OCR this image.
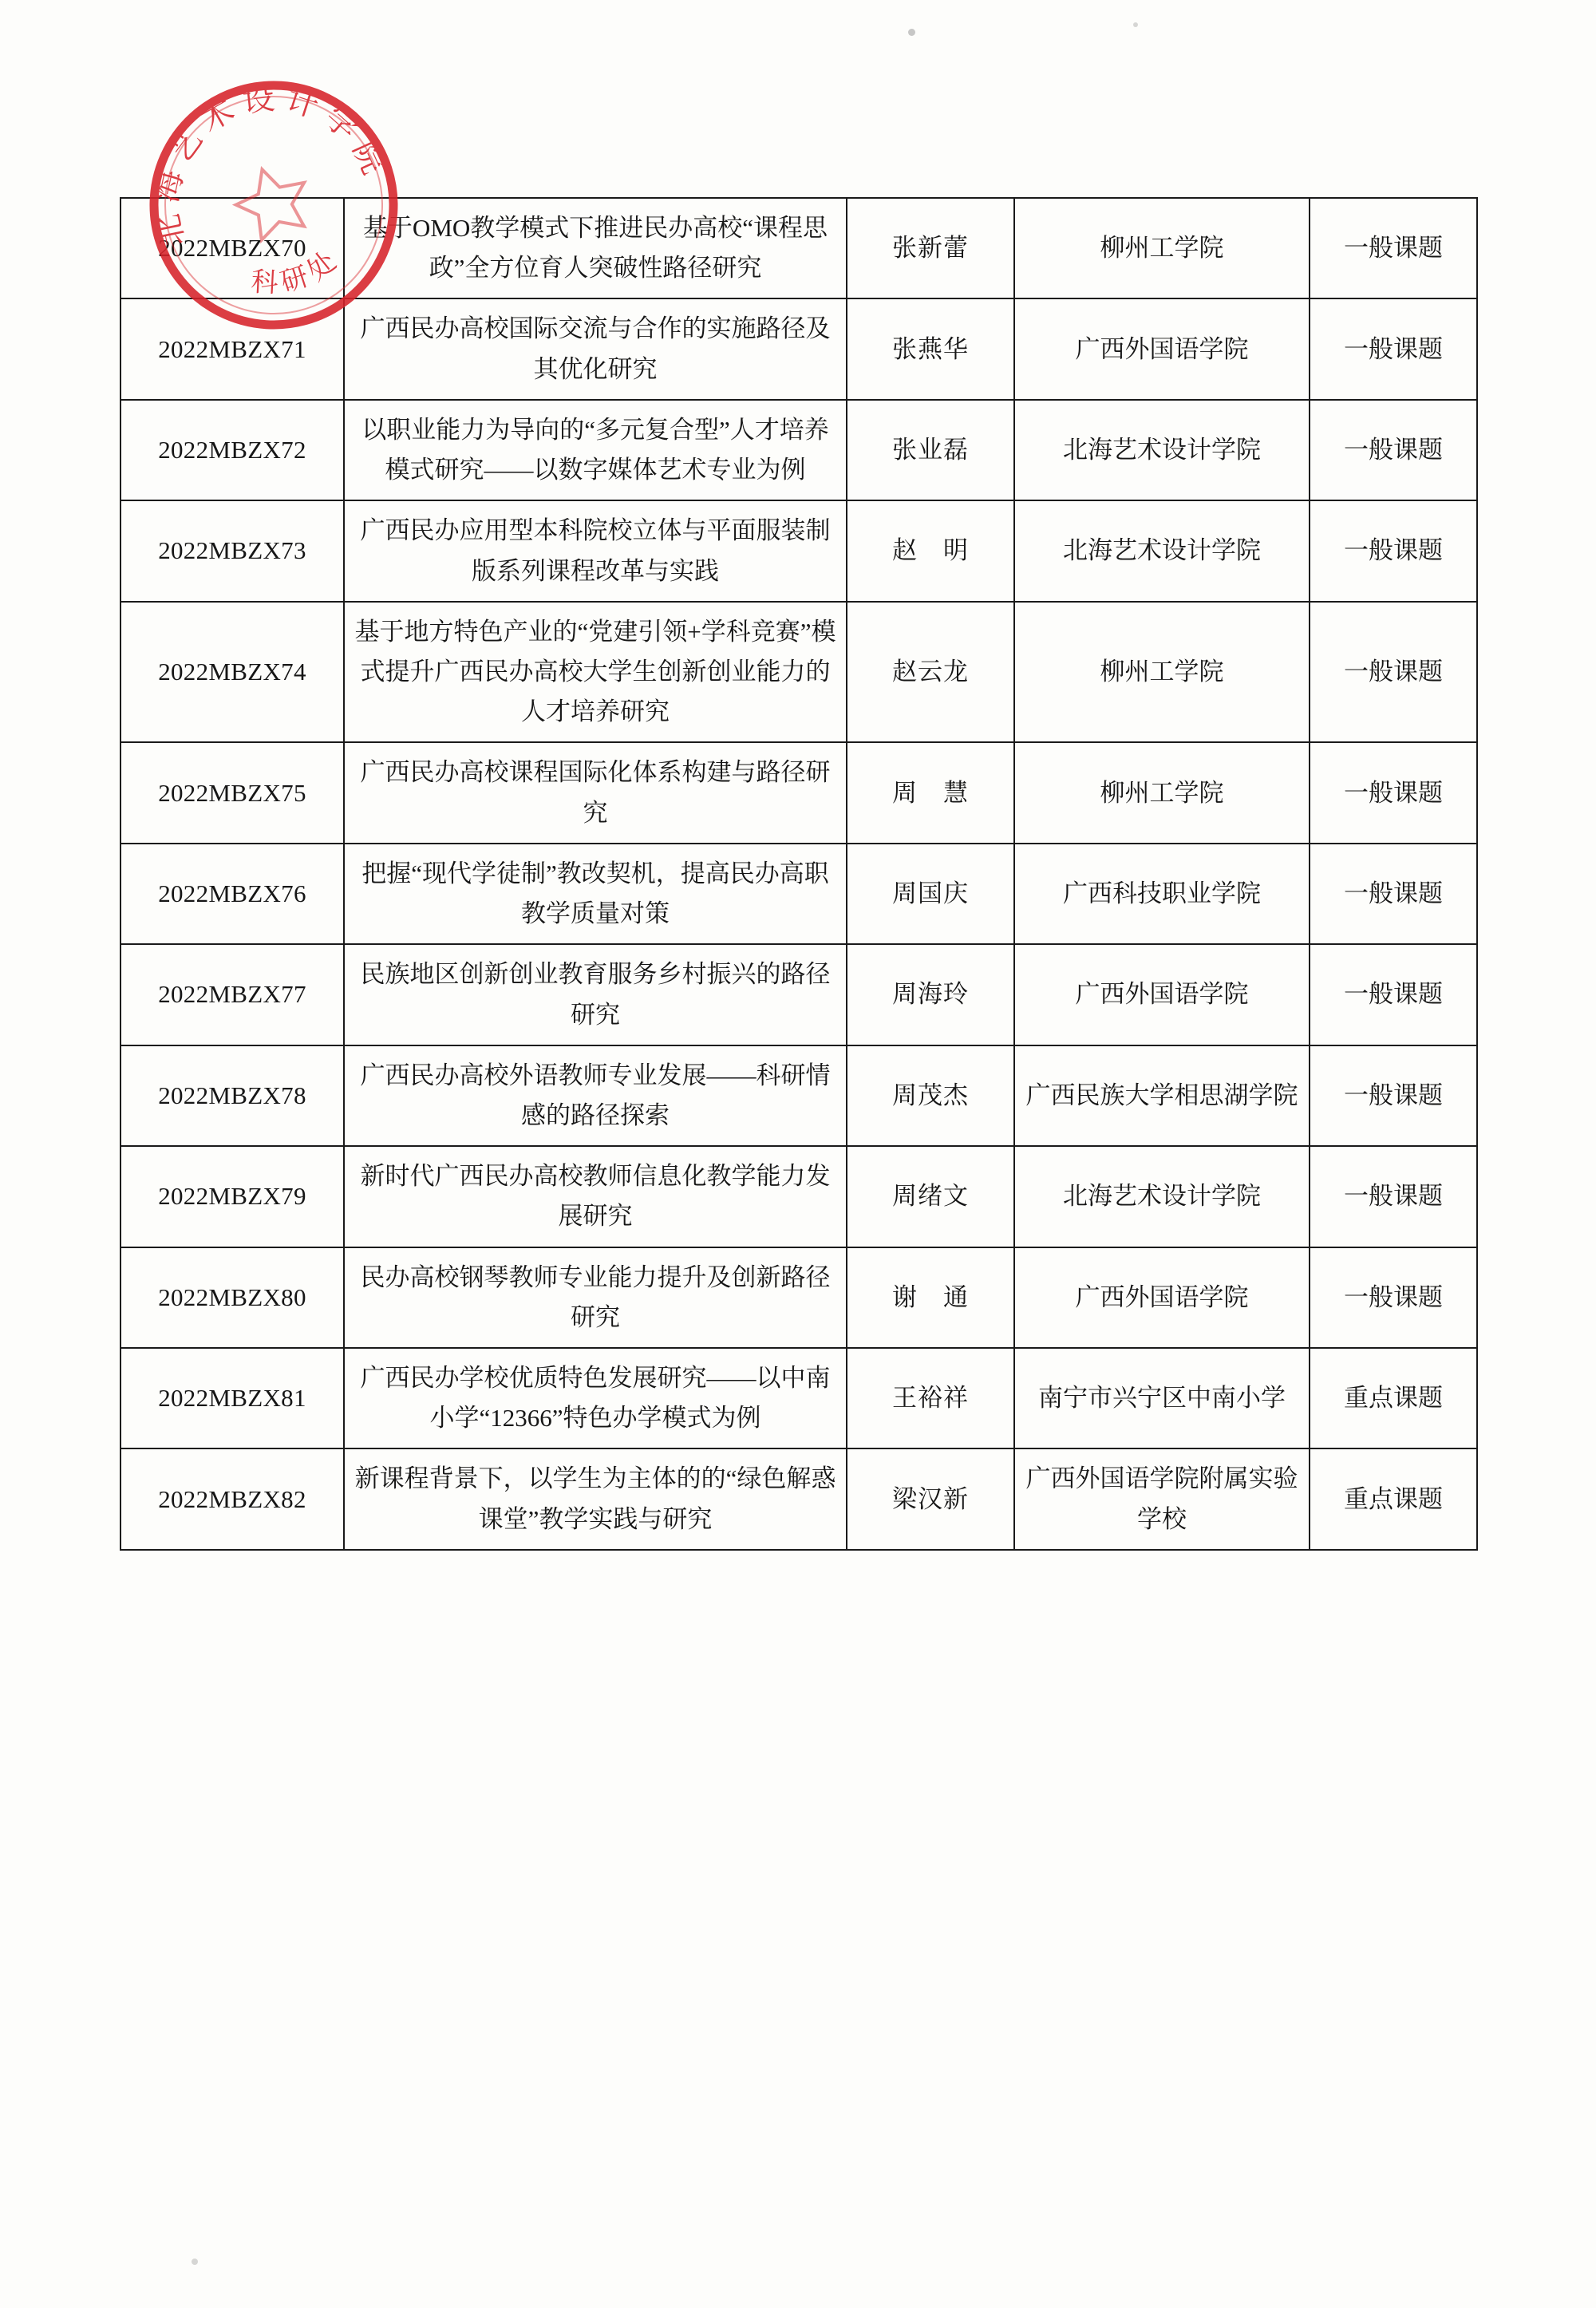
北海艺术设计学院
科研处
2022MBZX70	基于OMO教学模式下推进民办高校“课程思政”全方位育人突破性路径研究	张新蕾	柳州工学院	一般课题
2022MBZX71	广西民办高校国际交流与合作的实施路径及其优化研究	张燕华	广西外国语学院	一般课题
2022MBZX72	以职业能力为导向的“多元复合型”人才培养模式研究——以数字媒体艺术专业为例	张业磊	北海艺术设计学院	一般课题
2022MBZX73	广西民办应用型本科院校立体与平面服装制版系列课程改革与实践	赵　明	北海艺术设计学院	一般课题
2022MBZX74	基于地方特色产业的“党建引领+学科竞赛”模式提升广西民办高校大学生创新创业能力的人才培养研究	赵云龙	柳州工学院	一般课题
2022MBZX75	广西民办高校课程国际化体系构建与路径研究	周　慧	柳州工学院	一般课题
2022MBZX76	把握“现代学徒制”教改契机，提高民办高职教学质量对策	周国庆	广西科技职业学院	一般课题
2022MBZX77	民族地区创新创业教育服务乡村振兴的路径研究	周海玲	广西外国语学院	一般课题
2022MBZX78	广西民办高校外语教师专业发展——科研情感的路径探索	周茂杰	广西民族大学相思湖学院	一般课题
2022MBZX79	新时代广西民办高校教师信息化教学能力发展研究	周绪文	北海艺术设计学院	一般课题
2022MBZX80	民办高校钢琴教师专业能力提升及创新路径研究	谢　通	广西外国语学院	一般课题
2022MBZX81	广西民办学校优质特色发展研究——以中南小学“12366”特色办学模式为例	王裕祥	南宁市兴宁区中南小学	重点课题
2022MBZX82	新课程背景下，以学生为主体的的“绿色解惑课堂”教学实践与研究	梁汉新	广西外国语学院附属实验学校	重点课题
